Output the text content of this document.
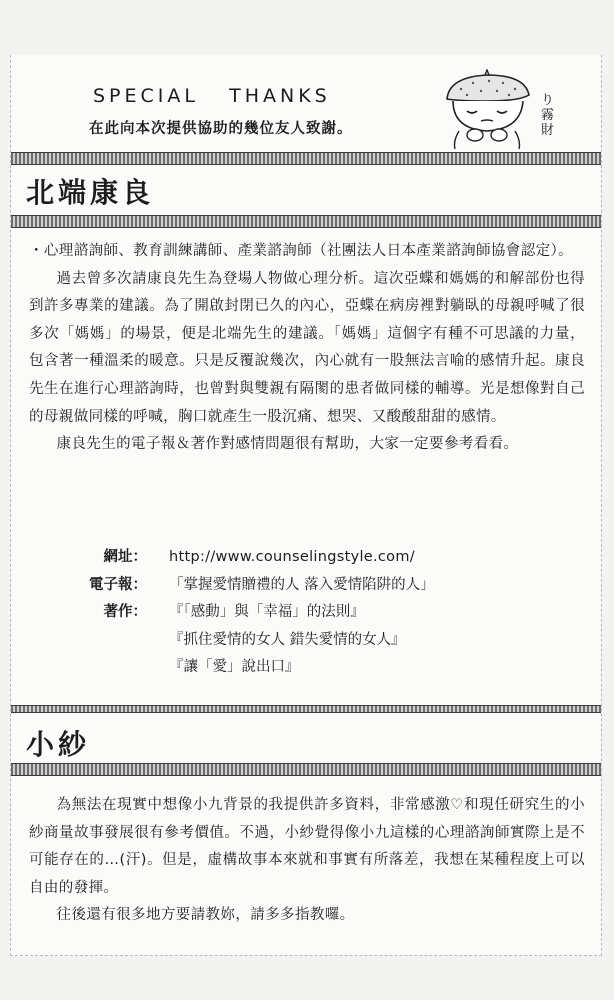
SPECIAL   THANKS
在此向本次提供協助的幾位友人致謝。
り霧財
北端康良

・心理諮詢師、教育訓練講師、產業諮詢師（社團法人日本產業諮詢師協會認定）。

過去曾多次請康良先生為登場人物做心理分析。這次亞蝶和媽媽的和解部份也得到許多專業的建議。為了開啟封閉已久的內心，亞蝶在病房裡對躺臥的母親呼喊了很多次「媽媽」的場景，便是北端先生的建議。「媽媽」這個字有種不可思議的力量，包含著一種溫柔的暖意。只是反覆說幾次，內心就有一股無法言喻的感情升起。康良先生在進行心理諮詢時，也曾對與雙親有隔閡的患者做同樣的輔導。光是想像對自己的母親做同樣的呼喊，胸口就產生一股沉痛、想哭、又酸酸甜甜的感情。

康良先生的電子報＆著作對感情問題很有幫助，大家一定要參考看看。

網址：	http://www.counselingstyle.com/
電子報：	「掌握愛情贈禮的人 落入愛情陷阱的人」
著作：	『「感動」與「幸福」的法則』
『抓住愛情的女人 錯失愛情的女人』
『讓「愛」說出口』
小紗

為無法在現實中想像小九背景的我提供許多資料，非常感激♡和現任研究生的小紗商量故事發展很有參考價值。不過，小紗覺得像小九這樣的心理諮詢師實際上是不可能存在的…(汗)。但是，虛構故事本來就和事實有所落差，我想在某種程度上可以自由的發揮。

往後還有很多地方要請教妳，請多多指教囉。
